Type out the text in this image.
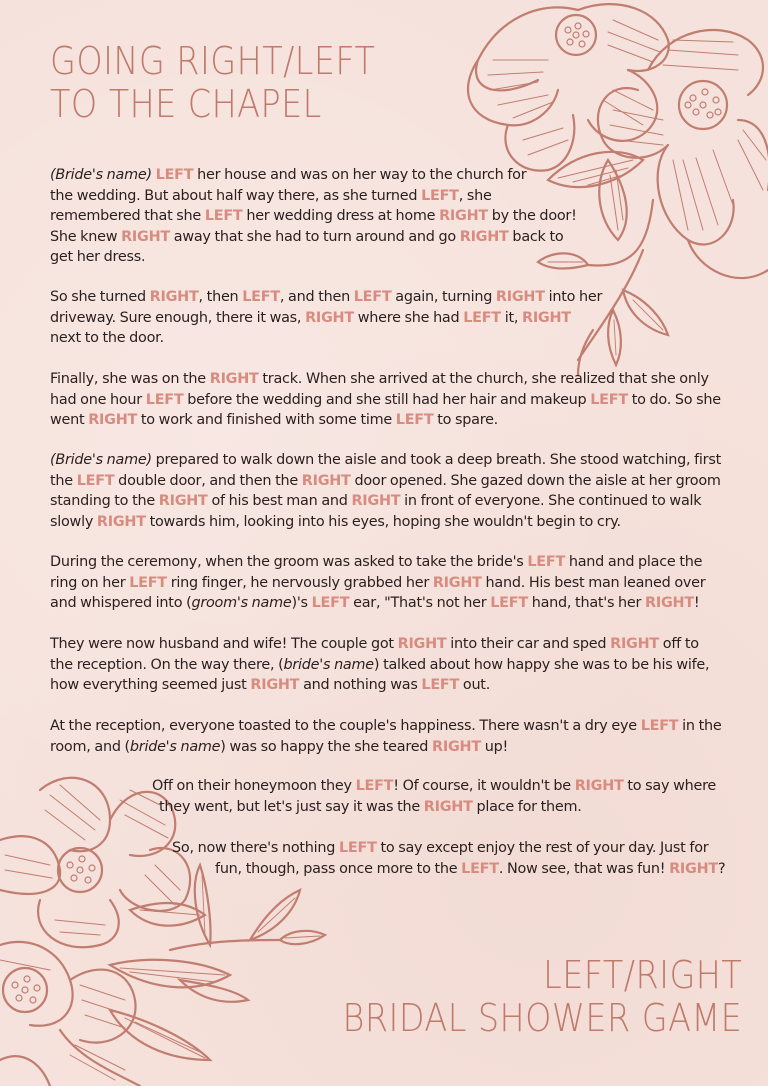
GOING RIGHT/LEFT
TO THE CHAPEL
(Bride's name) LEFT her house and was on her way to the church for
the wedding. But about half way there, as she turned LEFT, she
remembered that she LEFT her wedding dress at home RIGHT by the door!
She knew RIGHT away that she had to turn around and go RIGHT back to
get her dress.
So she turned RIGHT, then LEFT, and then LEFT again, turning RIGHT into her
driveway. Sure enough, there it was, RIGHT where she had LEFT it, RIGHT
next to the door.
Finally, she was on the RIGHT track. When she arrived at the church, she realized that she only
had one hour LEFT before the wedding and she still had her hair and makeup LEFT to do. So she
went RIGHT to work and finished with some time LEFT to spare.
(Bride's name) prepared to walk down the aisle and took a deep breath. She stood watching, first
the LEFT double door, and then the RIGHT door opened. She gazed down the aisle at her groom
standing to the RIGHT of his best man and RIGHT in front of everyone. She continued to walk
slowly RIGHT towards him, looking into his eyes, hoping she wouldn't begin to cry.
During the ceremony, when the groom was asked to take the bride's LEFT hand and place the
ring on her LEFT ring finger, he nervously grabbed her RIGHT hand. His best man leaned over
and whispered into (groom's name)'s LEFT ear, "That's not her LEFT hand, that's her RIGHT!
They were now husband and wife! The couple got RIGHT into their car and sped RIGHT off to
the reception. On the way there, (bride's name) talked about how happy she was to be his wife,
how everything seemed just RIGHT and nothing was LEFT out.
At the reception, everyone toasted to the couple's happiness. There wasn't a dry eye LEFT in the
room, and (bride's name) was so happy the she teared RIGHT up!
Off on their honeymoon they LEFT! Of course, it wouldn't be RIGHT to say where
they went, but let's just say it was the RIGHT place for them.
So, now there's nothing LEFT to say except enjoy the rest of your day. Just for
fun, though, pass once more to the LEFT. Now see, that was fun! RIGHT?
LEFT/RIGHT
BRIDAL SHOWER GAME
